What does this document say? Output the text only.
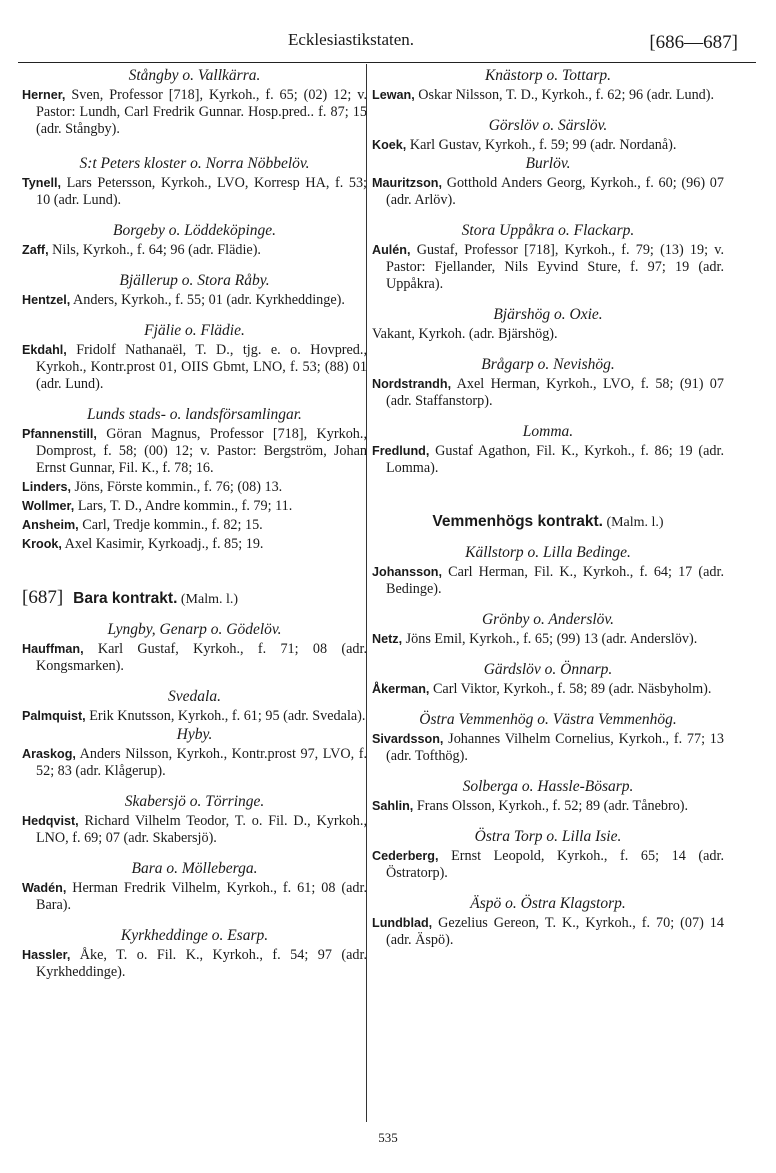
Ecklesiastikstaten.	[686—687]

Stångby o. Vallkärra.

Herner, Sven, Professor [718], Kyrkoh., f. 65; (02) 12; v. Pastor: Lundh, Carl Fredrik Gunnar. Hosp.pred.. f. 87; 15 (adr. Stångby).

S:t Peters kloster o. Norra Nöbbelöv.

Tynell, Lars Petersson, Kyrkoh., LVO, Korresp HA, f. 53; 10 (adr. Lund).

Borgeby o. Löddeköpinge.

Zaff, Nils, Kyrkoh., f. 64; 96 (adr. Flädie).

Bjällerup o. Stora Råby.

Hentzel, Anders, Kyrkoh., f. 55; 01 (adr. Kyrkheddinge).

Fjälie o. Flädie.

Ekdahl, Fridolf Nathanaël, T. D., tjg. e. o. Hovpred., Kyrkoh., Kontr.prost 01, OIIS Gbmt, LNO, f. 53; (88) 01 (adr. Lund).

Lunds stads- o. landsförsamlingar.

Pfannenstill, Göran Magnus, Professor [718], Kyrkoh., Domprost, f. 58; (00) 12; v. Pastor: Bergström, Johan Ernst Gunnar, Fil. K., f. 78; 16.

Linders, Jöns, Förste kommin., f. 76; (08) 13.

Wollmer, Lars, T. D., Andre kommin., f. 79; 11.

Ansheim, Carl, Tredje kommin., f. 82; 15.

Krook, Axel Kasimir, Kyrkoadj., f. 85; 19.

[687] Bara kontrakt. (Malm. l.)

Lyngby, Genarp o. Gödelöv.

Hauffman, Karl Gustaf, Kyrkoh., f. 71; 08 (adr. Kongsmarken).

Svedala.

Palmquist, Erik Knutsson, Kyrkoh., f. 61; 95 (adr. Svedala).

Hyby.

Araskog, Anders Nilsson, Kyrkoh., Kontr.prost 97, LVO, f. 52; 83 (adr. Klågerup).

Skabersjö o. Törringe.

Hedqvist, Richard Vilhelm Teodor, T. o. Fil. D., Kyrkoh., LNO, f. 69; 07 (adr. Skabersjö).

Bara o. Mölleberga.

Wadén, Herman Fredrik Vilhelm, Kyrkoh., f. 61; 08 (adr. Bara).

Kyrkheddinge o. Esarp.

Hassler, Åke, T. o. Fil. K., Kyrkoh., f. 54; 97 (adr. Kyrkheddinge).

Knästorp o. Tottarp.

Lewan, Oskar Nilsson, T. D., Kyrkoh., f. 62; 96 (adr. Lund).

Görslöv o. Särslöv.

Koek, Karl Gustav, Kyrkoh., f. 59; 99 (adr. Nordanå).

Burlöv.

Mauritzson, Gotthold Anders Georg, Kyrkoh., f. 60; (96) 07 (adr. Arlöv).

Stora Uppåkra o. Flackarp.

Aulén, Gustaf, Professor [718], Kyrkoh., f. 79; (13) 19; v. Pastor: Fjellander, Nils Eyvind Sture, f. 97; 19 (adr. Uppåkra).

Bjärshög o. Oxie.

Vakant, Kyrkoh. (adr. Bjärshög).

Brågarp o. Nevishög.

Nordstrandh, Axel Herman, Kyrkoh., LVO, f. 58; (91) 07 (adr. Staffanstorp).

Lomma.

Fredlund, Gustaf Agathon, Fil. K., Kyrkoh., f. 86; 19 (adr. Lomma).

Vemmenhögs kontrakt. (Malm. l.)

Källstorp o. Lilla Bedinge.

Johansson, Carl Herman, Fil. K., Kyrkoh., f. 64; 17 (adr. Bedinge).

Grönby o. Anderslöv.

Netz, Jöns Emil, Kyrkoh., f. 65; (99) 13 (adr. Anderslöv).

Gärdslöv o. Önnarp.

Åkerman, Carl Viktor, Kyrkoh., f. 58; 89 (adr. Näsbyholm).

Östra Vemmenhög o. Västra Vemmenhög.

Sivardsson, Johannes Vilhelm Cornelius, Kyrkoh., f. 77; 13 (adr. Tofthög).

Solberga o. Hassle-Bösarp.

Sahlin, Frans Olsson, Kyrkoh., f. 52; 89 (adr. Tånebro).

Östra Torp o. Lilla Isie.

Cederberg, Ernst Leopold, Kyrkoh., f. 65; 14 (adr. Östratorp).

Äspö o. Östra Klagstorp.

Lundblad, Gezelius Gereon, T. K., Kyrkoh., f. 70; (07) 14 (adr. Äspö).

535
